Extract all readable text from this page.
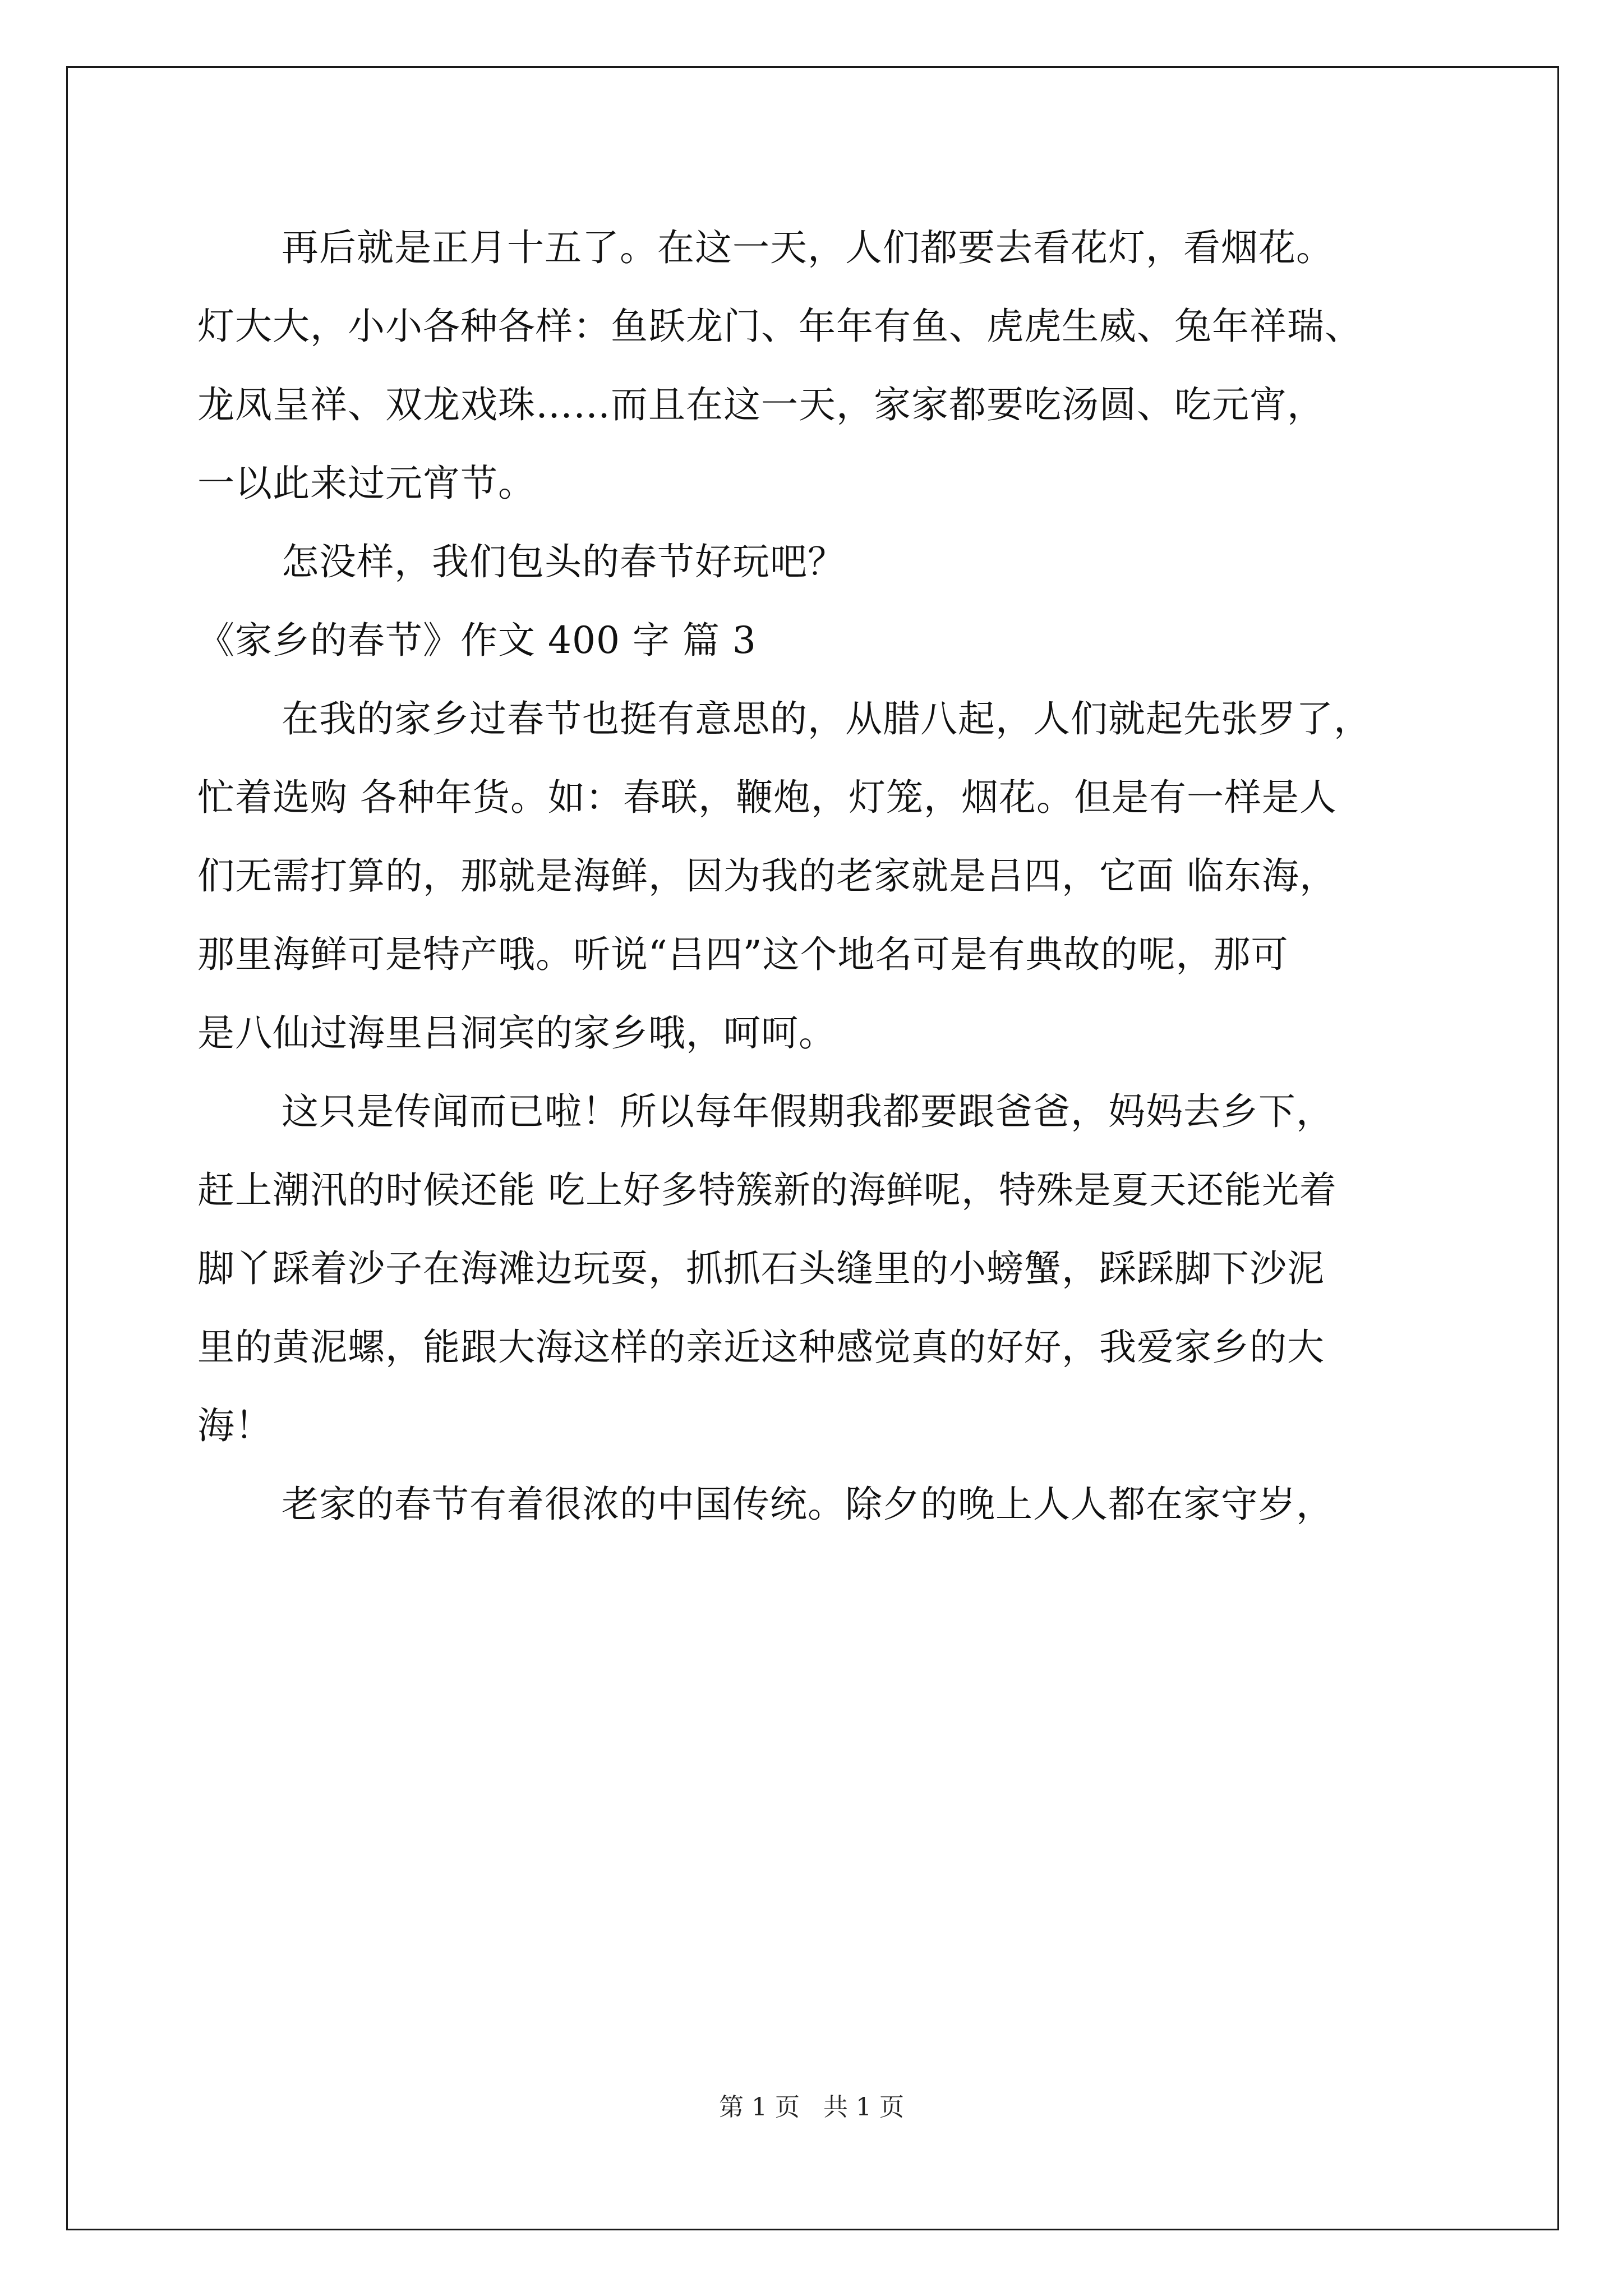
再后就是正月十五了。在这一天，人们都要去看花灯，看烟花。
灯大大，小小各种各样：鱼跃龙门、年年有鱼、虎虎生威、兔年祥瑞、
龙凤呈祥、双龙戏珠……而且在这一天，家家都要吃汤圆、吃元宵，
一以此来过元宵节。
怎没样，我们包头的春节好玩吧？
《家乡的春节》作文 400 字 篇 3
在我的家乡过春节也挺有意思的，从腊八起，人们就起先张罗了，
忙着选购 各种年货。如：春联，鞭炮，灯笼，烟花。但是有一样是人
们无需打算的，那就是海鲜，因为我的老家就是吕四，它面 临东海，
那里海鲜可是特产哦。听说“吕四”这个地名可是有典故的呢，那可
是八仙过海里吕洞宾的家乡哦，呵呵。
这只是传闻而已啦！所以每年假期我都要跟爸爸，妈妈去乡下，
赶上潮汛的时候还能 吃上好多特簇新的海鲜呢，特殊是夏天还能光着
脚丫踩着沙子在海滩边玩耍，抓抓石头缝里的小螃蟹，踩踩脚下沙泥
里的黄泥螺，能跟大海这样的亲近这种感觉真的好好，我爱家乡的大
海！
老家的春节有着很浓的中国传统。除夕的晚上人人都在家守岁，
第 1 页 共 1 页
